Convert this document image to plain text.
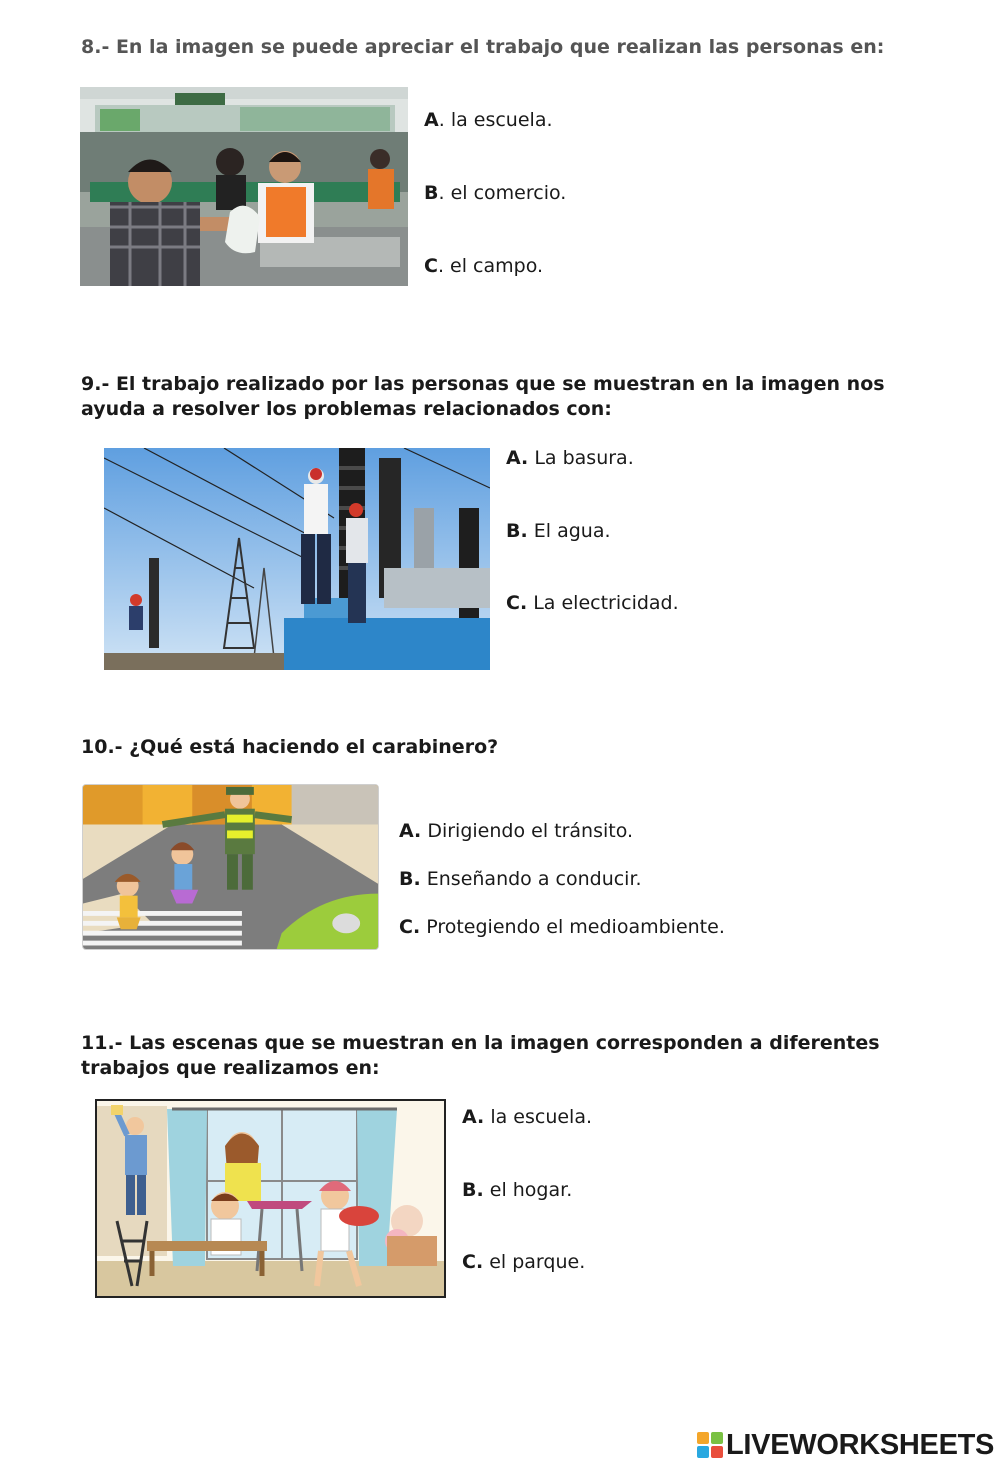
8.- En la imagen se puede apreciar el trabajo que realizan las personas en:

A. la escuela.
B. el comercio.
C. el campo.

9.- El trabajo realizado por las personas que se muestran en la imagen nos ayuda a resolver los problemas relacionados con:

A. La basura.
B. El agua.
C. La electricidad.

10.- ¿Qué está haciendo el carabinero?

A. Dirigiendo el tránsito.
B. Enseñando a conducir.
C. Protegiendo el medioambiente.

11.- Las escenas que se muestran en la imagen corresponden a diferentes trabajos que realizamos en:

A. la escuela.
B. el hogar.
C. el parque.
LIVEWORKSHEETS
